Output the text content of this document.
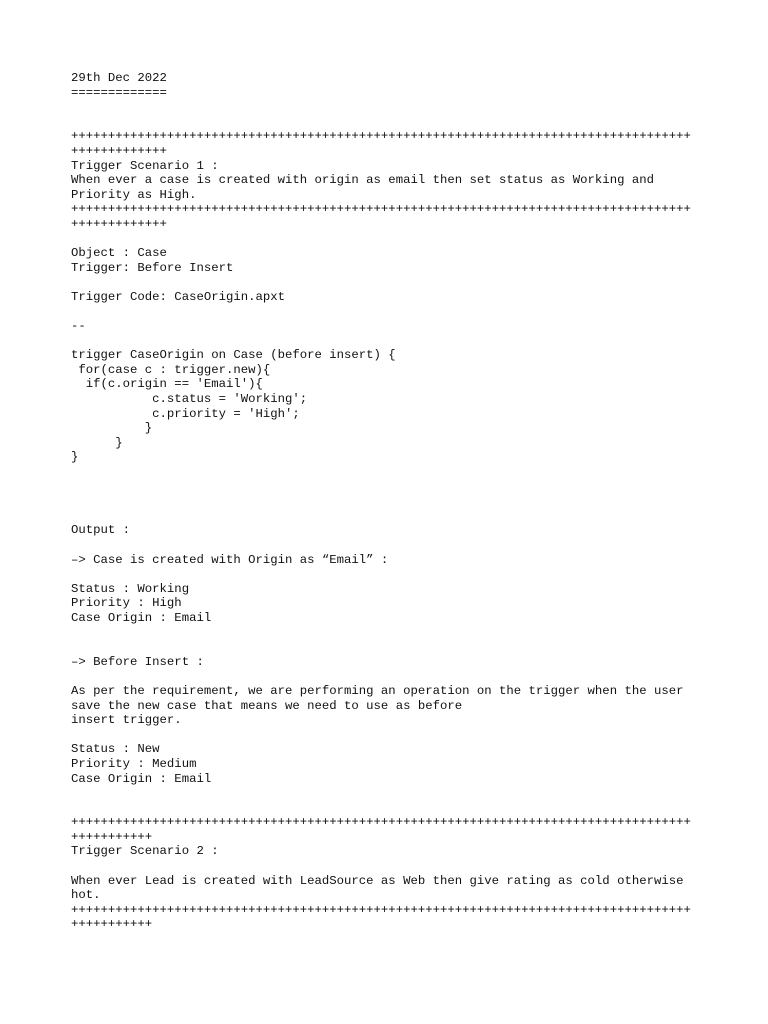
29th Dec 2022
=============
++++++++++++++++++++++++++++++++++++++++++++++++++++++++++++++++++++++++++++++++++++
+++++++++++++
Trigger Scenario 1 :
When ever a case is created with origin as email then set status as Working and
Priority as High.
++++++++++++++++++++++++++++++++++++++++++++++++++++++++++++++++++++++++++++++++++++
+++++++++++++
Object : Case
Trigger: Before Insert
Trigger Code: CaseOrigin.apxt
--
trigger CaseOrigin on Case (before insert) {
for(case c : trigger.new){
if(c.origin == 'Email'){
c.status = 'Working';
c.priority = 'High';
}
}
}
Output :
–> Case is created with Origin as “Email” :
Status : Working
Priority : High
Case Origin : Email
–> Before Insert :
As per the requirement, we are performing an operation on the trigger when the user
save the new case that means we need to use as before
insert trigger.
Status : New
Priority : Medium
Case Origin : Email
++++++++++++++++++++++++++++++++++++++++++++++++++++++++++++++++++++++++++++++++++++
+++++++++++
Trigger Scenario 2 :
When ever Lead is created with LeadSource as Web then give rating as cold otherwise
hot.
++++++++++++++++++++++++++++++++++++++++++++++++++++++++++++++++++++++++++++++++++++
+++++++++++
